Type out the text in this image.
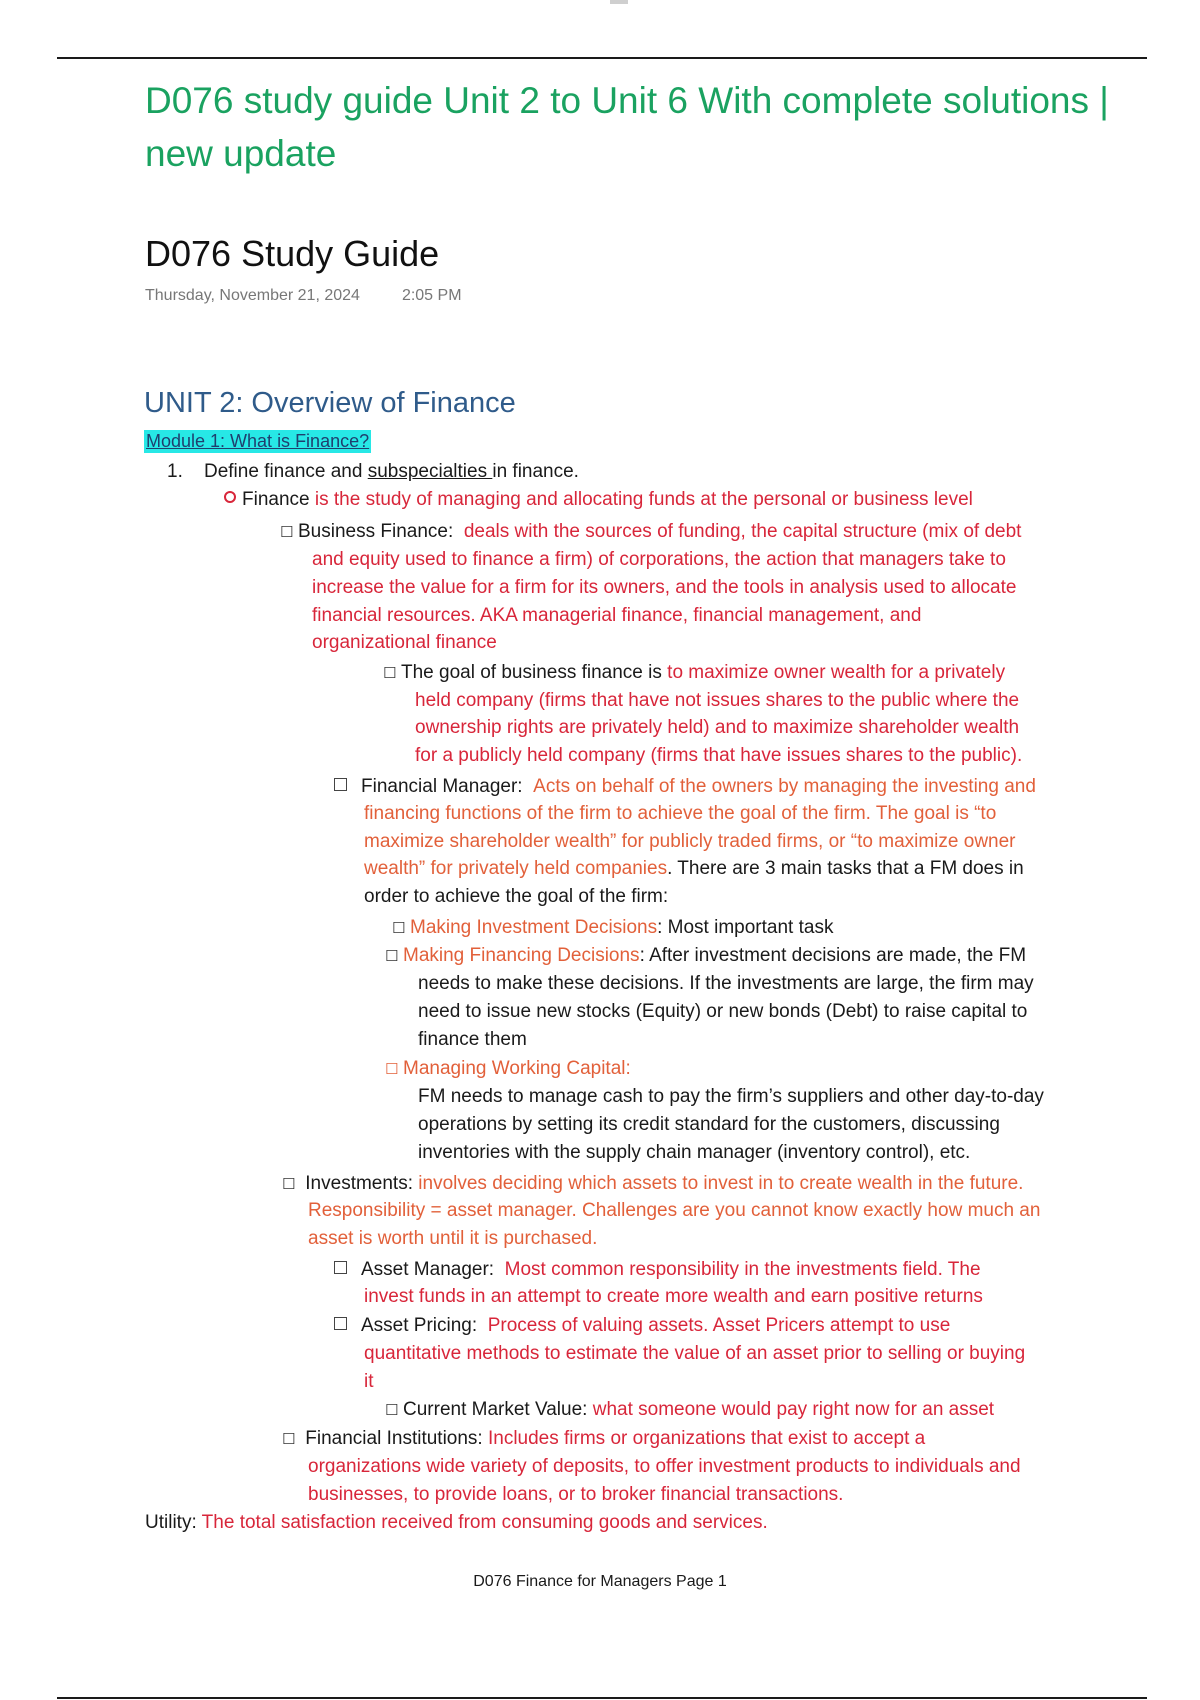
D076 study guide Unit 2 to Unit 6 With complete solutions | new update
D076 Study Guide
Thursday, November 21, 2024	2:05 PM
UNIT 2: Overview of Finance
Module 1: What is Finance?
1. Define finance and subspecialties in finance.
Finance is the study of managing and allocating funds at the personal or business level
☐ Business Finance:  deals with the sources of funding, the capital structure (mix of debt
and equity used to finance a firm) of corporations, the action that managers take to
increase the value for a firm for its owners, and the tools in analysis used to allocate
financial resources. AKA managerial finance, financial management, and
organizational finance
☐ The goal of business finance is to maximize owner wealth for a privately
held company (firms that have not issues shares to the public where the
ownership rights are privately held) and to maximize shareholder wealth
for a publicly held company (firms that have issues shares to the public).
Financial Manager:  Acts on behalf of the owners by managing the investing and
financing functions of the firm to achieve the goal of the firm. The goal is “to
maximize shareholder wealth” for publicly traded firms, or “to maximize owner
wealth” for privately held companies. There are 3 main tasks that a FM does in
order to achieve the goal of the firm:
☐ Making Investment Decisions: Most important task
☐ Making Financing Decisions: After investment decisions are made, the FM
needs to make these decisions. If the investments are large, the firm may
need to issue new stocks (Equity) or new bonds (Debt) to raise capital to
finance them
☐ Managing Working Capital:
FM needs to manage cash to pay the firm’s suppliers and other day-to-day
operations by setting its credit standard for the customers, discussing
inventories with the supply chain manager (inventory control), etc.
☐ Investments: involves deciding which assets to invest in to create wealth in the future.
Responsibility = asset manager. Challenges are you cannot know exactly how much an
asset is worth until it is purchased.
Asset Manager:  Most common responsibility in the investments field. The
invest funds in an attempt to create more wealth and earn positive returns
Asset Pricing:  Process of valuing assets. Asset Pricers attempt to use
quantitative methods to estimate the value of an asset prior to selling or buying
it
☐ Current Market Value: what someone would pay right now for an asset
☐ Financial Institutions: Includes firms or organizations that exist to accept a
organizations wide variety of deposits, to offer investment products to individuals and
businesses, to provide loans, or to broker financial transactions.
Utility: The total satisfaction received from consuming goods and services.
D076 Finance for Managers Page 1
